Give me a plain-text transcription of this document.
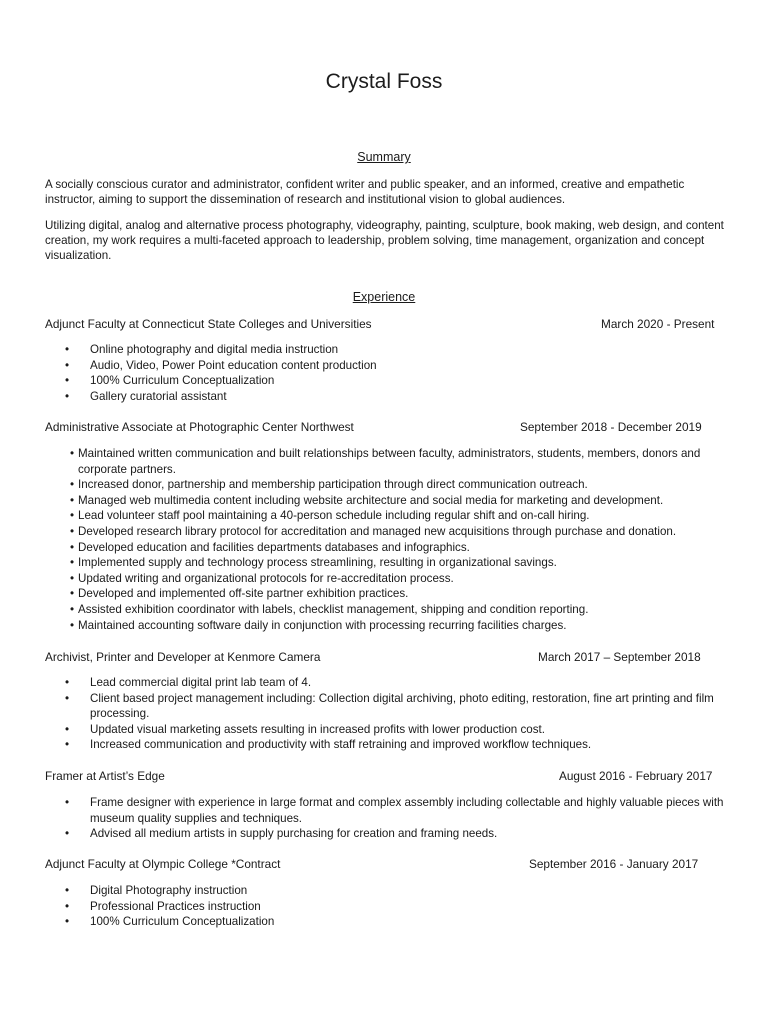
Crystal Foss
Summary

A socially conscious curator and administrator, confident writer and public speaker, and an informed, creative and empathetic instructor, aiming to support the dissemination of research and institutional vision to global audiences.

Utilizing digital, analog and alternative process photography, videography, painting, sculpture, book making, web design, and content creation, my work requires a multi-faceted approach to leadership, problem solving, time management, organization and concept visualization.

Experience
Adjunct Faculty at Connecticut State Colleges and Universities	March 2020 - Present
• Online photography and digital media instruction
• Audio, Video, Power Point education content production
• 100% Curriculum Conceptualization
• Gallery curatorial assistant
Administrative Associate at Photographic Center Northwest	September 2018 - December 2019
• Maintained written communication and built relationships between faculty, administrators, students, members, donors and corporate partners.
• Increased donor, partnership and membership participation through direct communication outreach.
• Managed web multimedia content including website architecture and social media for marketing and development.
• Lead volunteer staff pool maintaining a 40-person schedule including regular shift and on-call hiring.
• Developed research library protocol for accreditation and managed new acquisitions through purchase and donation.
• Developed education and facilities departments databases and infographics.
• Implemented supply and technology process streamlining, resulting in organizational savings.
• Updated writing and organizational protocols for re-accreditation process.
• Developed and implemented off-site partner exhibition practices.
• Assisted exhibition coordinator with labels, checklist management, shipping and condition reporting.
• Maintained accounting software daily in conjunction with processing recurring facilities charges.
Archivist, Printer and Developer at Kenmore Camera	March 2017 – September 2018
• Lead commercial digital print lab team of 4.
• Client based project management including: Collection digital archiving, photo editing, restoration, fine art printing and film processing.
• Updated visual marketing assets resulting in increased profits with lower production cost.
• Increased communication and productivity with staff retraining and improved workflow techniques.
Framer at Artist’s Edge	August 2016 - February 2017
• Frame designer with experience in large format and complex assembly including collectable and highly valuable pieces with museum quality supplies and techniques.
• Advised all medium artists in supply purchasing for creation and framing needs.
Adjunct Faculty at Olympic College *Contract	September 2016 - January 2017
• Digital Photography instruction
• Professional Practices instruction
• 100% Curriculum Conceptualization
